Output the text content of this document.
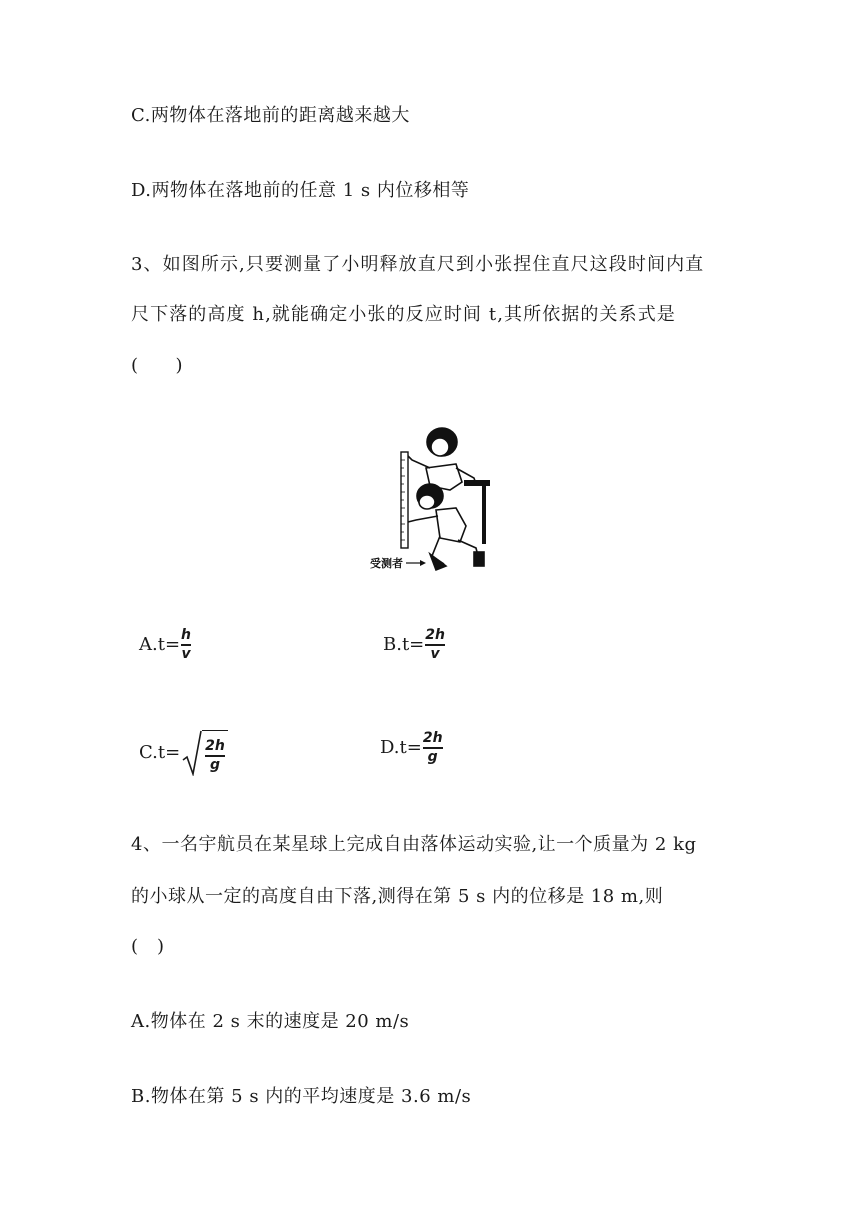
C.两物体在落地前的距离越来越大
D.两物体在落地前的任意 1 s 内位移相等
3、如图所示,只要测量了小明释放直尺到小张捏住直尺这段时间内直
尺下落的高度 h,就能确定小张的反应时间 t,其所依据的关系式是
(　　)
受测者
$A.t= \frac{h}{v}$	$B.t= \frac{2h}{v}$
$C.t= \frac{2h}{g}$	$D.t= \frac{2h}{g}$
4、一名宇航员在某星球上完成自由落体运动实验,让一个质量为 2 kg
的小球从一定的高度自由下落,测得在第 5 s 内的位移是 18 m,则
(　)
A.物体在 2 s 末的速度是 20 m/s
B.物体在第 5 s 内的平均速度是 3.6 m/s
